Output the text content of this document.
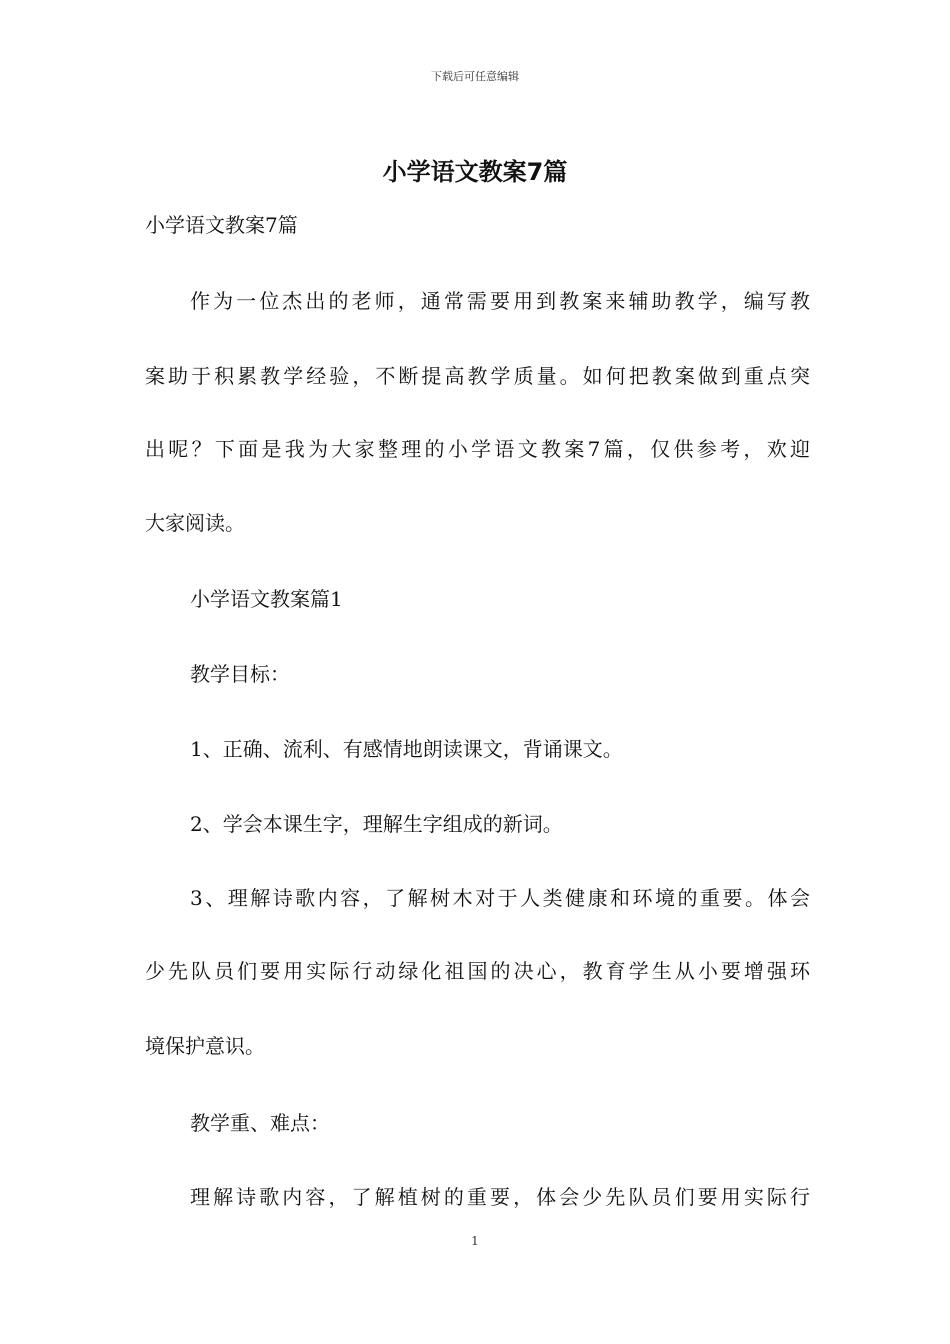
下载后可任意编辑
小学语文教案7篇
小学语文教案7篇
作为一位杰出的老师，通常需要用到教案来辅助教学，编写教
案助于积累教学经验，不断提高教学质量。如何把教案做到重点突
出呢？下面是我为大家整理的小学语文教案7篇，仅供参考，欢迎
大家阅读。
小学语文教案篇1
教学目标：
1、正确、流利、有感情地朗读课文，背诵课文。
2、学会本课生字，理解生字组成的新词。
3、理解诗歌内容，了解树木对于人类健康和环境的重要。体会
少先队员们要用实际行动绿化祖国的决心，教育学生从小要增强环
境保护意识。
教学重、难点：
理解诗歌内容，了解植树的重要，体会少先队员们要用实际行
1
